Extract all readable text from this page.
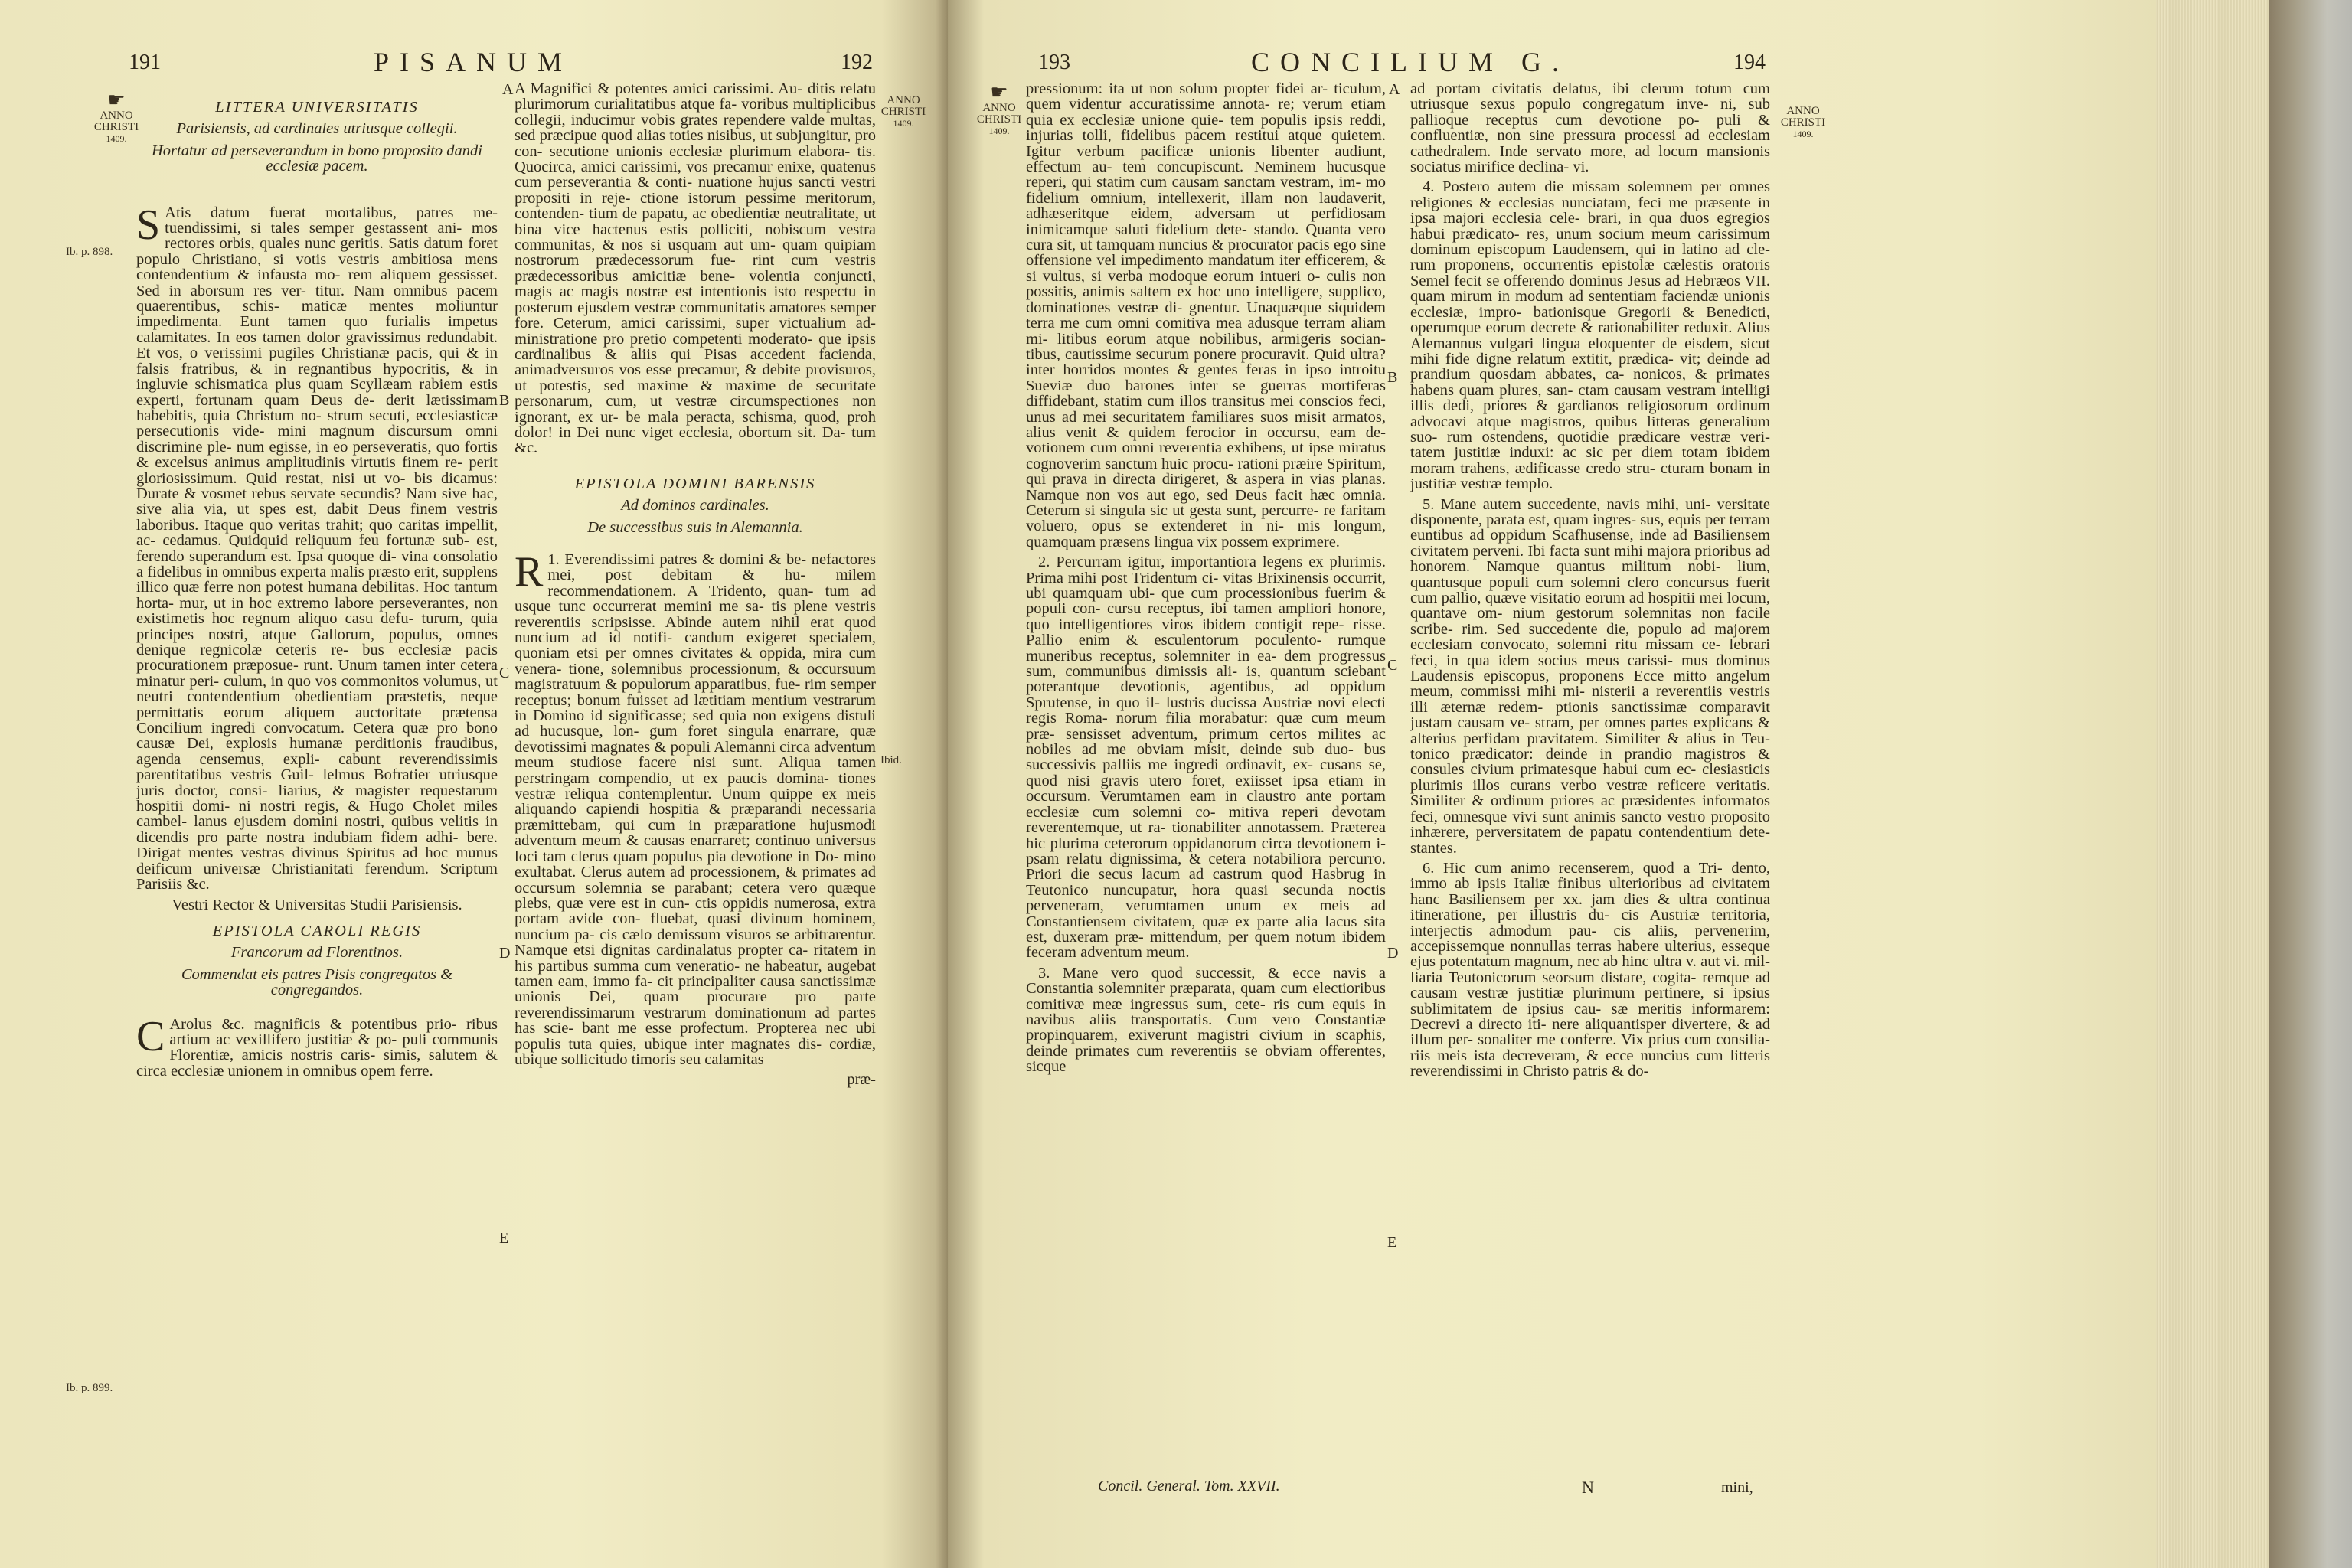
191	PISANUM	192
☛
ANNO
CHRISTI
1409.
ANNO
CHRISTI
1409.
Ib. p. 898.
Ib. p. 899.
A
B
C
D
E
LITTERA UNIVERSITATIS
Parisiensis, ad cardinales utriusque collegii.
Hortatur ad perseverandum in bono proposito dandi ecclesiæ pacem.

S Atis datum fuerat mortalibus, patres me- tuendissimi, si tales semper gestassent ani- mos rectores orbis, quales nunc geritis. Satis datum foret populo Christiano, si votis vestris ambitiosa mens contendentium & infausta mo- rem aliquem gessisset. Sed in aborsum res ver- titur. Nam omnibus pacem quaerentibus, schis- maticæ mentes moliuntur impedimenta. Eunt tamen quo furialis impetus calamitates. In eos tamen dolor gravissimus redundabit. Et vos, o verissimi pugiles Christianæ pacis, qui & in falsis fratribus, & in regnantibus hypocritis, & in ingluvie schismatica plus quam Scyllæam rabiem estis experti, fortunam quam Deus de- derit lætissimam habebitis, quia Christum no- strum secuti, ecclesiasticæ persecutionis vide- mini magnum discursum omni discrimine ple- num egisse, in eo perseveratis, quo fortis & excelsus animus amplitudinis virtutis finem re- perit gloriosissimum. Quid restat, nisi ut vo- bis dicamus: Durate & vosmet rebus servate secundis? Nam sive hac, sive alia via, ut spes est, dabit Deus finem vestris laboribus. Itaque quo veritas trahit; quo caritas impellit, ac- cedamus. Quidquid reliquum feu fortunæ sub- est, ferendo superandum est. Ipsa quoque di- vina consolatio a fidelibus in omnibus experta malis præsto erit, supplens illico quæ ferre non potest humana debilitas. Hoc tantum horta- mur, ut in hoc extremo labore perseverantes, non existimetis hoc regnum aliquo casu defu- turum, quia principes nostri, atque Gallorum, populus, omnes denique regnicolæ ceteris re- bus ecclesiæ pacis procurationem præposue- runt. Unum tamen inter cetera minatur peri- culum, in quo vos commonitos volumus, ut neutri contendentium obedientiam præstetis, neque permittatis eorum aliquem auctoritate prætensa Concilium ingredi convocatum. Ceterа quæ pro bono causæ Dei, explosis humanæ perditionis fraudibus, agenda censemus, expli- cabunt reverendissimis parentitatibus vestris Guil- lelmus Bofratier utriusque juris doctor, consi- liarius, & magister requestarum hospitii domi- ni nostri regis, & Hugo Cholet miles cambel- lanus ejusdem domini nostri, quibus velitis in dicendis pro parte nostra indubiam fidem adhi- bere. Dirigat mentes vestras divinus Spiritus ad hoc munus deificum universæ Christianitati ferendum. Scriptum Parisiis &c.

Vestri Rector & Universitas Studii Parisiensis.

EPISTOLA CAROLI REGIS
Francorum ad Florentinos.
Commendat eis patres Pisis congregatos & congregandos.

C Arolus &c. magnificis & potentibus prio- ribus artium ac vexillifero justitiæ & po- puli communis Florentiæ, amicis nostris caris- simis, salutem & circa ecclesiæ unionem in omnibus opem ferre.

A Magnifici & potentes amici carissimi. Au- ditis relatu plurimorum curialitatibus atque fa- voribus multiplicibus collegii, inducimur vobis grates rependere valde multas, sed præcipue quod alias toties nisibus, ut subjungitur, pro con- secutione unionis ecclesiæ plurimum elabora- tis. Quocirca, amici carissimi, vos precamur enixe, quatenus cum perseverantia & conti- nuatione hujus sancti vestri propositi in reje- ctione istorum pessime meritorum, contenden- tium de papatu, ac obedientiæ neutralitate, ut bina vice hactenus estis polliciti, nobiscum vestra communitas, & nos si usquam aut um- quam quipiam nostrorum prædecessorum fue- rint cum vestris prædecessoribus amicitiæ bene- volentia conjuncti, magis ac magis nostræ est intentionis isto respectu in posterum ejusdem vestræ communitatis amatores semper fore. Ceterum, amici carissimi, super victualium ad- ministratione pro pretio competenti moderato- que ipsis cardinalibus & aliis qui Pisas accedent facienda, animadversuros vos esse precamur, & debite provisuros, ut potestis, sed maxime & maxime de securitate personarum, cum, ut vestræ circumspectiones non ignorant, ex ur- be mala peracta, schisma, quod, proh dolor! in Dei nunc viget ecclesia, obortum sit. Da- tum &c.

EPISTOLA DOMINI BARENSIS
Ad dominos cardinales.
De successibus suis in Alemannia.

1.
R Everendissimi patres & domini & be- nefactores mei, post debitam & hu- milem recommendationem. A Tridento, quan- tum ad usque tunc occurrerat memini me sa- tis plene vestris reverentiis scripsisse. Abinde autem nihil erat quod nuncium ad id notifi- candum exigeret specialem, quoniam etsi per omnes civitates & oppida, mira cum venera- tione, solemnibus processionum, & occursuum magistratuum & populorum apparatibus, fue- rim semper receptus; bonum fuisset ad lætitiam mentium vestrarum in Domino id significasse; sed quia non exigens distuli ad hucusque, lon- gum foret singula enarrare, quæ devotissimi magnates & populi Alemanni circa adventum meum studiose facere nisi sunt. Aliqua tamen perstringam compendio, ut ex paucis domina- tiones vestræ reliqua contemplentur. Unum quippe ex meis aliquando capiendi hospitia & præparandi necessaria præmittebam, qui cum in præparatione hujusmodi adventum meum & causas enarraret; continuo universus loci tam clerus quam populus pia devotione in Do- mino exultabat. Clerus autem ad processionem, & primates ad occursum solemnia se parabant; cetera vero quæque plebs, quæ vere est in cun- ctis oppidis numerosa, extra portam avide con- fluebat, quasi divinum hominem, nuncium pa- cis cælo demissum visuros se arbitrarentur. Namque etsi dignitas cardinalatus propter ca- ritatem in his partibus summa cum veneratio- ne habeatur, augebat tamen eam, immo fa- cit principaliter causa sanctissimæ unionis Dei, quam procurare pro parte reverendissimarum vestrarum dominationum ad partes has scie- bant me esse profectum. Propterea nec ubi populis tuta quies, ubique inter magnates dis- cordiæ, ubique sollicitudo timoris seu calamitas

præ-

Ibid.
193	CONCILIUM G.	194
☛
ANNO
CHRISTI
1409.
ANNO
CHRISTI
1409.
A
B
C
D
E

pressionum: ita ut non solum propter fidei ar- ticulum, quem videntur accuratissime annota- re; verum etiam quia ex ecclesiæ unione quie- tem populis ipsis reddi, injurias tolli, fidelibus pacem restitui atque quietem. Igitur verbum pacificæ unionis libenter audiunt, effectum au- tem concupiscunt. Neminem hucusque reperi, qui statim cum causam sanctam vestram, im- mo fidelium omnium, intellexerit, illam non laudaverit, adhæseritque eidem, adversam ut perfidiosam inimicamque saluti fidelium dete- stando. Quanta vero cura sit, ut tamquam nuncius & procurator pacis ego sine offensione vel impedimento mandatum iter efficerem, & si vultus, si verba modoque eorum intueri o- culis non possitis, animis saltem ex hoc uno intelligere, supplico, dominationes vestræ di- gnentur. Unaquæque siquidem terra me cum omni comitiva mea adusque terram aliam mi- litibus eorum atque nobilibus, armigeris socian- tibus, cautissime securum ponere procuravit. Quid ultra? inter horridos montes & gentes feras in ipso introitu Sueviæ duo barones inter se guerras mortiferas diffidebant, statim cum illos transitus mei conscios feci, unus ad mei securitatem familiares suos misit armatos, alius venit & quidem ferocior in occursu, eam de- votionem cum omni reverentia exhibens, ut ipse miratus cognoverim sanctum huic procu- rationi præire Spiritum, qui prava in directa dirigeret, & aspera in vias planas. Namque non vos aut ego, sed Deus facit hæc omnia. Ceterum si singula sic ut gesta sunt, percurre- re faritam voluero, opus se extenderet in ni- mis longum, quamquam præsens lingua vix possem exprimere.

2. Percurram igitur, importantiora legens ex plurimis. Prima mihi post Tridentum ci- vitas Brixinensis occurrit, ubi quamquam ubi- que cum processionibus fuerim & populi con- cursu receptus, ibi tamen ampliori honore, quo intelligentiores viros ibidem contigit repe- risse. Pallio enim & esculentorum poculento- rumque muneribus receptus, solemniter in ea- dem progressus sum, communibus dimissis ali- is, quantum sciebant poterantque devotionis, agentibus, ad oppidum Sprutense, in quo il- lustris ducissa Austriæ novi electi regis Roma- norum filia morabatur: quæ cum meum præ- sensisset adventum, primum certos milites ac nobiles ad me obviam misit, deinde sub duo- bus successivis palliis me ingredi ordinavit, ex- cusans se, quod nisi gravis utero foret, exiisset ipsa etiam in occursum. Verumtamen eam in claustro ante portam ecclesiæ cum solemni co- mitiva reperi devotam reverentemque, ut ra- tionabiliter annotassem. Præterea hic plurima ceterorum oppidanorum circa devotionem i- psam relatu dignissima, & cetera notabiliora percurro. Priori die secus lacum ad castrum quod Hasbrug in Teutonico nuncupatur, hora quasi secunda noctis perveneram, verumtamen unum ex meis ad Constantiensem civitatem, quæ ex parte alia lacus sita est, duxeram præ- mittendum, per quem notum ibidem feceram adventum meum.

3. Mane vero quod successit, & ecce navis a Constantia solemniter præparata, quam cum electioribus comitivæ meæ ingressus sum, cete- ris cum equis in navibus aliis transportatis. Cum vero Constantiæ propinquarem, exiverunt magistri civium in scaphis, deinde primates cum reverentiis se obviam offerentes, sicque

ad portam civitatis delatus, ibi clerum totum cum utriusque sexus populo congregatum inve- ni, sub pallioque receptus cum devotione po- puli & confluentiæ, non sine pressura processi ad ecclesiam cathedralem. Inde servato more, ad locum mansionis sociatus mirifice declina- vi.

4. Postero autem die missam solemnem per omnes religiones & ecclesias nunciatam, feci me præsente in ipsa majori ecclesia cele- brari, in qua duos egregios habui prædicato- res, unum socium meum carissimum dominum episcopum Laudensem, qui in latino ad cle- rum proponens, occurrentis epistolæ cælestis oratoris Semel fecit se offerendo dominus Jesus ad Hebræos VII. quam mirum in modum ad sententiam faciendæ unionis ecclesiæ, impro- bationisque Gregorii & Benedicti, operumque eorum decrete & rationabiliter reduxit. Alius Alemannus vulgari lingua eloquenter de eisdem, sicut mihi fide digne relatum extitit, prædica- vit; deinde ad prandium quosdam abbates, ca- nonicos, & primates habens quam plures, san- ctam causam vestram intelligi illis dedi, priores & gardianos religiosorum ordinum advocavi atque magistros, quibus litteras generalium suo- rum ostendens, quotidie prædicare vestræ veri- tatem justitiæ induxi: ac sic per diem totam ibidem moram trahens, ædificasse credo stru- cturam bonam in justitiæ vestræ templo.

5. Mane autem succedente, navis mihi, uni- versitate disponente, parata est, quam ingres- sus, equis per terram euntibus ad oppidum Scafhusense, inde ad Basiliensem civitatem perveni. Ibi facta sunt mihi majora prioribus ad honorem. Namque quantus militum nobi- lium, quantusque populi cum solemni clero concursus fuerit cum pallio, quæve visitatio eorum ad hospitii mei locum, quantave om- nium gestorum solemnitas non facile scribe- rim. Sed succedente die, populo ad majorem ecclesiam convocato, solemni ritu missam ce- lebrari feci, in qua idem socius meus carissi- mus dominus Laudensis episcopus, proponens Ecce mitto angelum meum, commissi mihi mi- nisterii a reverentiis vestris illi æternæ redem- ptionis sanctissimæ comparavit justam causam ve- stram, per omnes partes explicans & alterius perfidam pravitatem. Similiter & alius in Teu- tonico prædicator: deinde in prandio magistros & consules civium primatesque habui cum ec- clesiasticis plurimis illos curans verbo vestræ reficere veritatis. Similiter & ordinum priores ac præsidentes informatos feci, omnesque vivi sunt animis sancto vestro proposito inhærere, perversitatem de papatu contendentium dete- stantes.

6. Hic cum animo recenserem, quod a Tri- dento, immo ab ipsis Italiæ finibus ulterioribus ad civitatem hanc Basiliensem per xx. jam dies & ultra continua itineratione, per illustris du- cis Austriæ territoria, interjectis admodum pau- cis aliis, pervenerim, accepissemque nonnullas terras habere ulterius, esseque ejus potentatum magnum, nec ab hinc ultra v. aut vi. mil- liaria Teutonicorum seorsum distare, cogita- remque ad causam vestræ justitiæ plurimum pertinere, si ipsius sublimitatem de ipsius cau- sæ meritis informarem: Decrevi a directo iti- nere aliquantisper divertere, & ad illum per- sonaliter me conferre. Vix prius cum consilia- riis meis ista decreveram, & ecce nuncius cum litteris reverendissimi in Christo patris & do-

Concil. General. Tom. XXVII.	N	mini,
